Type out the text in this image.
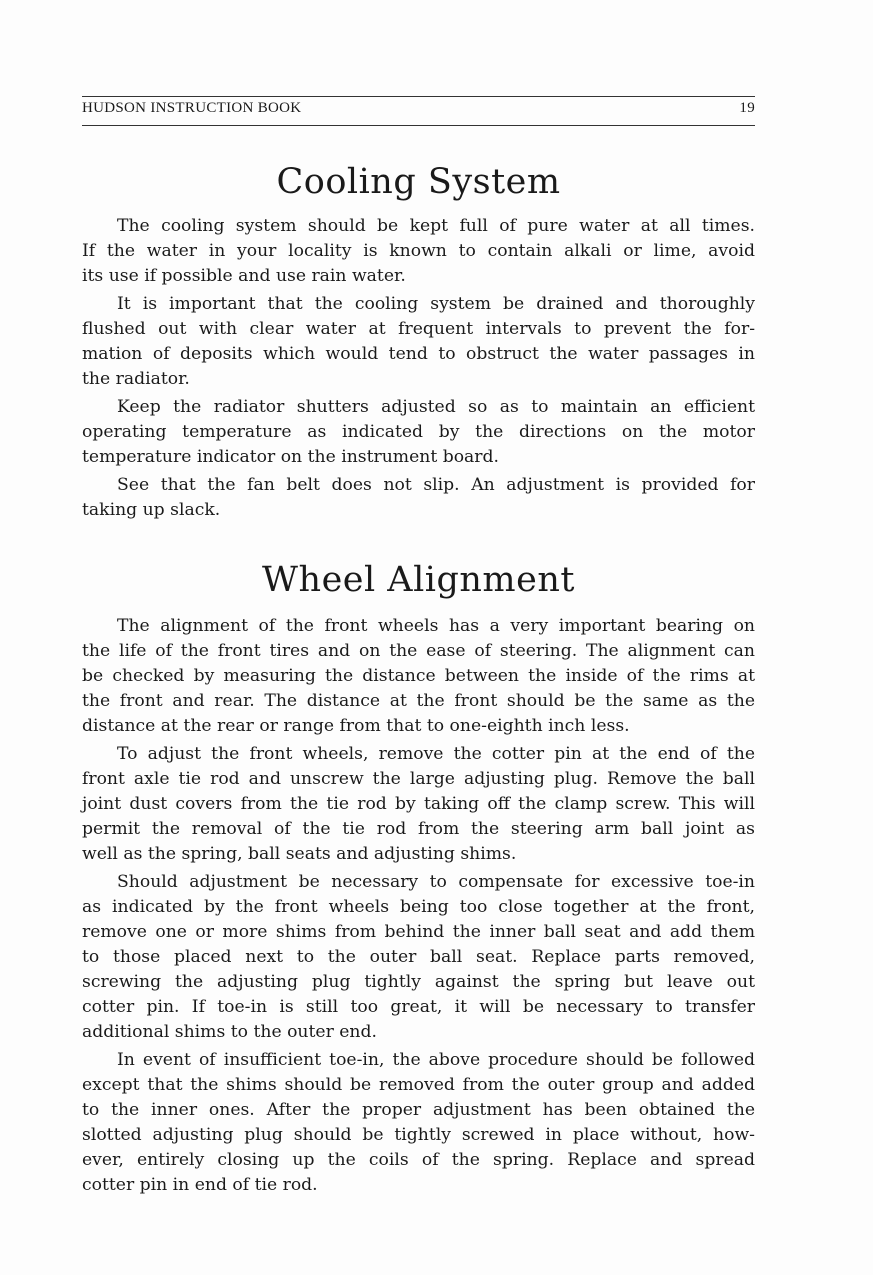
HUDSON INSTRUCTION BOOK	19
Cooling System

The cooling system should be kept full of pure water at all times.
If the water in your locality is known to contain alkali or lime, avoid
its use if possible and use rain water.

It is important that the cooling system be drained and thoroughly
flushed out with clear water at frequent intervals to prevent the for-
mation of deposits which would tend to obstruct the water passages in
the radiator.

Keep the radiator shutters adjusted so as to maintain an efficient
operating temperature as indicated by the directions on the motor
temperature indicator on the instrument board.

See that the fan belt does not slip. An adjustment is provided for
taking up slack.

Wheel Alignment

The alignment of the front wheels has a very important bearing on
the life of the front tires and on the ease of steering. The alignment can
be checked by measuring the distance between the inside of the rims at
the front and rear. The distance at the front should be the same as the
distance at the rear or range from that to one-eighth inch less.

To adjust the front wheels, remove the cotter pin at the end of the
front axle tie rod and unscrew the large adjusting plug. Remove the ball
joint dust covers from the tie rod by taking off the clamp screw. This will
permit the removal of the tie rod from the steering arm ball joint as
well as the spring, ball seats and adjusting shims.

Should adjustment be necessary to compensate for excessive toe-in
as indicated by the front wheels being too close together at the front,
remove one or more shims from behind the inner ball seat and add them
to those placed next to the outer ball seat. Replace parts removed,
screwing the adjusting plug tightly against the spring but leave out
cotter pin. If toe-in is still too great, it will be necessary to transfer
additional shims to the outer end.

In event of insufficient toe-in, the above procedure should be followed
except that the shims should be removed from the outer group and added
to the inner ones. After the proper adjustment has been obtained the
slotted adjusting plug should be tightly screwed in place without, how-
ever, entirely closing up the coils of the spring. Replace and spread
cotter pin in end of tie rod.
